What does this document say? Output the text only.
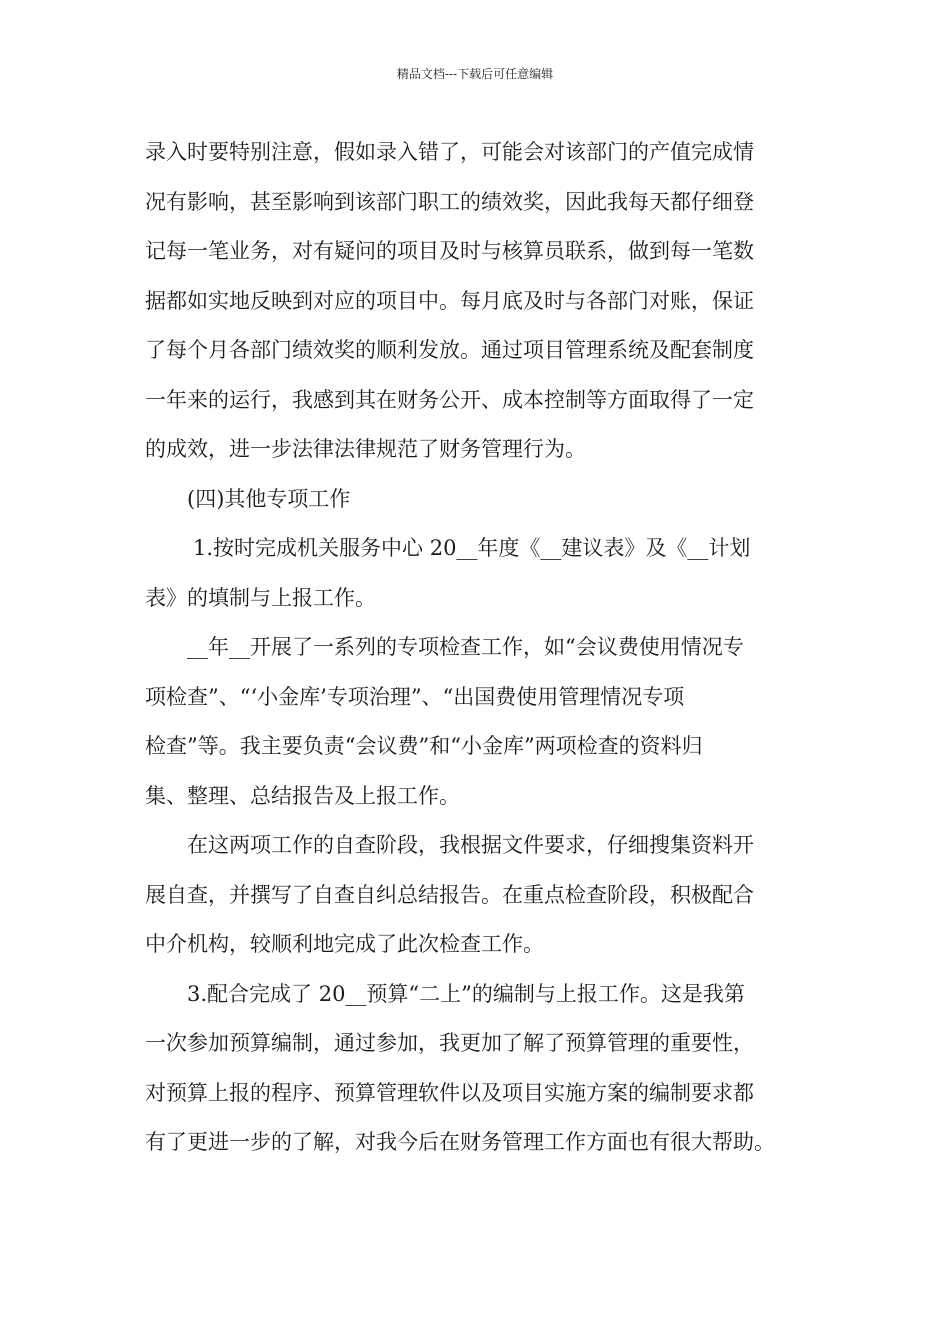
精品文档---下载后可任意编辑
录入时要特别注意，假如录入错了，可能会对该部门的产值完成情
况有影响，甚至影响到该部门职工的绩效奖，因此我每天都仔细登
记每一笔业务，对有疑问的项目及时与核算员联系，做到每一笔数
据都如实地反映到对应的项目中。每月底及时与各部门对账，保证
了每个月各部门绩效奖的顺利发放。通过项目管理系统及配套制度
一年来的运行，我感到其在财务公开、成本控制等方面取得了一定
的成效，进一步法律法律规范了财务管理行为。
(四)其他专项工作
1.按时完成机关服务中心 20__年度《__建议表》及《__计划
表》的填制与上报工作。
__年__开展了一系列的专项检查工作，如“会议费使用情况专
项检查”、“‘小金库’专项治理”、“出国费使用管理情况专项
检查”等。我主要负责“会议费”和“小金库”两项检查的资料归
集、整理、总结报告及上报工作。
在这两项工作的自查阶段，我根据文件要求，仔细搜集资料开
展自查，并撰写了自查自纠总结报告。在重点检查阶段，积极配合
中介机构，较顺利地完成了此次检查工作。
3.配合完成了 20__预算“二上”的编制与上报工作。这是我第
一次参加预算编制，通过参加，我更加了解了预算管理的重要性，
对预算上报的程序、预算管理软件以及项目实施方案的编制要求都
有了更进一步的了解，对我今后在财务管理工作方面也有很大帮助。
